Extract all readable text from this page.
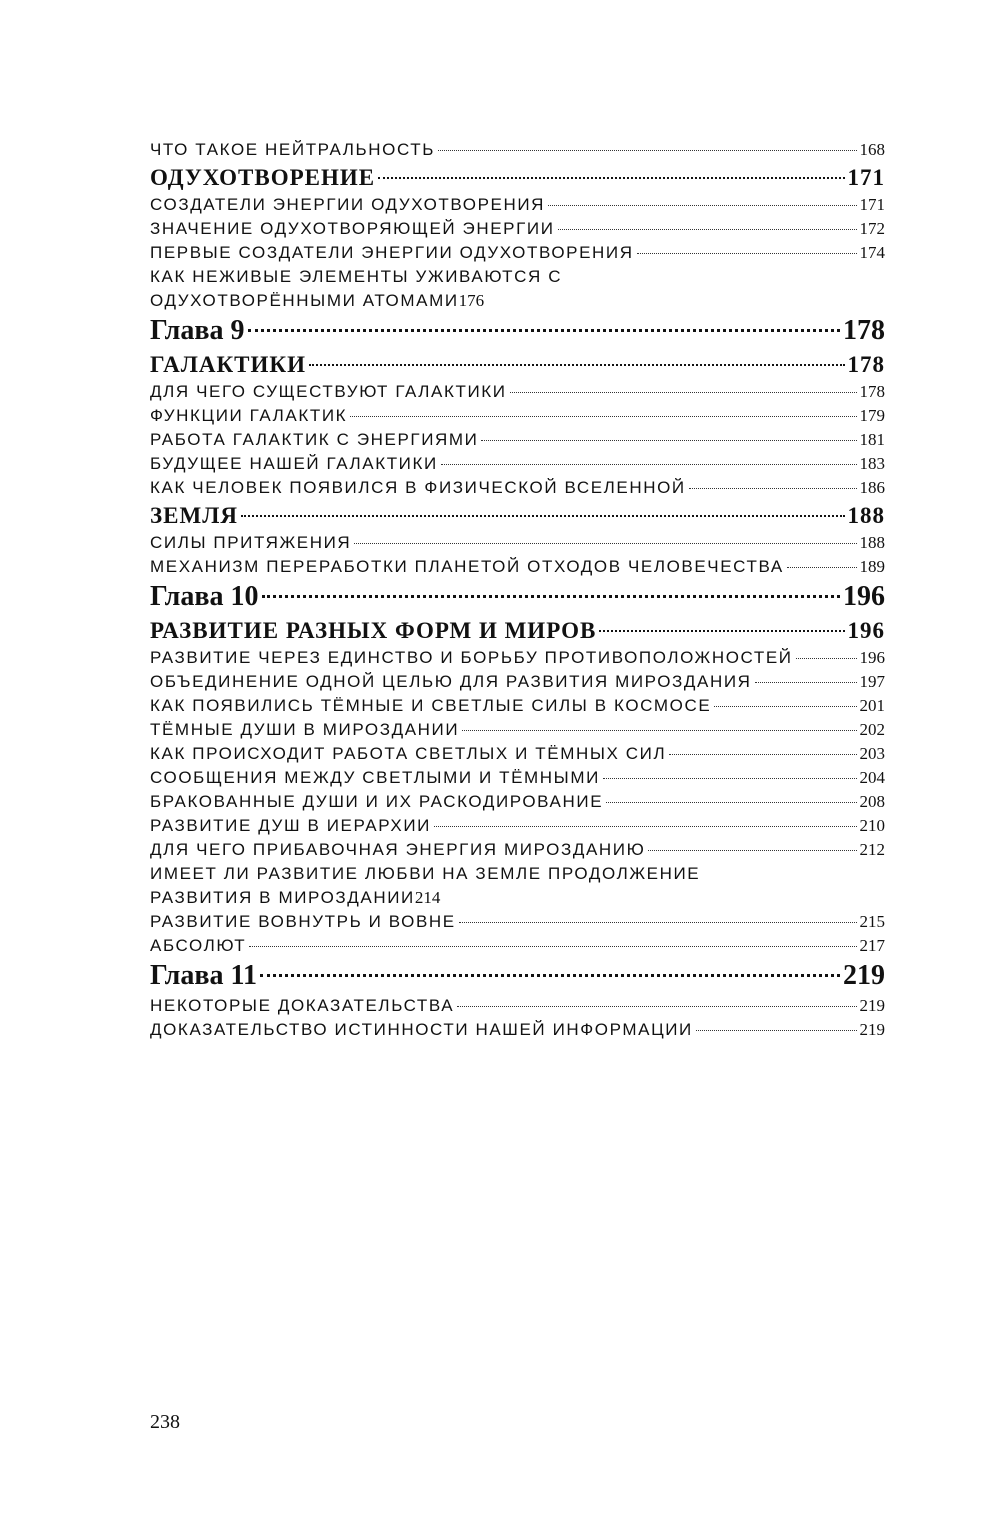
ЧТО ТАКОЕ НЕЙТРАЛЬНОСТЬ	168
ОДУХОТВОРЕНИЕ	171
СОЗДАТЕЛИ ЭНЕРГИИ ОДУХОТВОРЕНИЯ	171
ЗНАЧЕНИЕ ОДУХОТВОРЯЮЩЕЙ ЭНЕРГИИ	172
ПЕРВЫЕ СОЗДАТЕЛИ ЭНЕРГИИ ОДУХОТВОРЕНИЯ	174
КАК НЕЖИВЫЕ ЭЛЕМЕНТЫ УЖИВАЮТСЯ С
ОДУХОТВОРЁННЫМИ АТОМАМИ 176
Глава 9	178
ГАЛАКТИКИ	178
ДЛЯ ЧЕГО СУЩЕСТВУЮТ ГАЛАКТИКИ	178
ФУНКЦИИ ГАЛАКТИК	179
РАБОТА ГАЛАКТИК С ЭНЕРГИЯМИ	181
БУДУЩЕЕ НАШЕЙ ГАЛАКТИКИ	183
КАК ЧЕЛОВЕК ПОЯВИЛСЯ В ФИЗИЧЕСКОЙ ВСЕЛЕННОЙ	186
ЗЕМЛЯ	188
СИЛЫ ПРИТЯЖЕНИЯ	188
МЕХАНИЗМ ПЕРЕРАБОТКИ ПЛАНЕТОЙ ОТХОДОВ ЧЕЛОВЕЧЕСТВА	189
Глава 10	196
РАЗВИТИЕ РАЗНЫХ ФОРМ И МИРОВ	196
РАЗВИТИЕ ЧЕРЕЗ ЕДИНСТВО И БОРЬБУ ПРОТИВОПОЛОЖНОСТЕЙ	196
ОБЪЕДИНЕНИЕ ОДНОЙ ЦЕЛЬЮ ДЛЯ РАЗВИТИЯ МИРОЗДАНИЯ	197
КАК ПОЯВИЛИСЬ ТЁМНЫЕ И СВЕТЛЫЕ СИЛЫ В КОСМОСЕ	201
ТЁМНЫЕ ДУШИ В МИРОЗДАНИИ	202
КАК ПРОИСХОДИТ РАБОТА СВЕТЛЫХ И ТЁМНЫХ СИЛ	203
СООБЩЕНИЯ МЕЖДУ СВЕТЛЫМИ И ТЁМНЫМИ	204
БРАКОВАННЫЕ ДУШИ И ИХ РАСКОДИРОВАНИЕ	208
РАЗВИТИЕ ДУШ В ИЕРАРХИИ	210
ДЛЯ ЧЕГО ПРИБАВОЧНАЯ ЭНЕРГИЯ МИРОЗДАНИЮ	212
ИМЕЕТ ЛИ РАЗВИТИЕ ЛЮБВИ НА ЗЕМЛЕ ПРОДОЛЖЕНИЕ
РАЗВИТИЯ В МИРОЗДАНИИ 214
РАЗВИТИЕ ВОВНУТРЬ И ВОВНЕ	215
АБСОЛЮТ	217
Глава 11	219
НЕКОТОРЫЕ ДОКАЗАТЕЛЬСТВА	219
ДОКАЗАТЕЛЬСТВО ИСТИННОСТИ НАШЕЙ ИНФОРМАЦИИ	219
238
